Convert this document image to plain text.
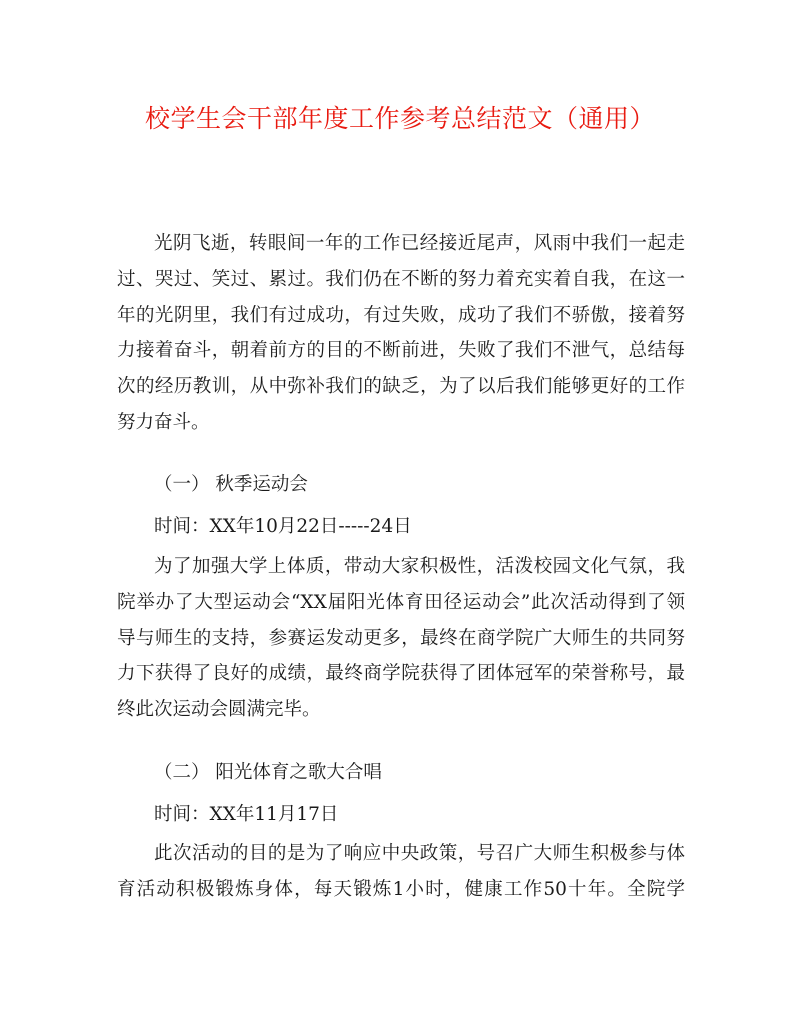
校学生会干部年度工作参考总结范文（通用）
光阴飞逝，转眼间一年的工作已经接近尾声，风雨中我们一起走
过、哭过、笑过、累过。我们仍在不断的努力着充实着自我，在这一
年的光阴里，我们有过成功，有过失败，成功了我们不骄傲，接着努
力接着奋斗，朝着前方的目的不断前进，失败了我们不泄气，总结每
次的经历教训，从中弥补我们的缺乏，为了以后我们能够更好的工作
努力奋斗。
（一） 秋季运动会
时间：XX年10月22日-----24日
为了加强大学上体质，带动大家积极性，活泼校园文化气氛，我
院举办了大型运动会“XX届阳光体育田径运动会”此次活动得到了领
导与师生的支持，参赛运发动更多，最终在商学院广大师生的共同努
力下获得了良好的成绩，最终商学院获得了团体冠军的荣誉称号，最
终此次运动会圆满完毕。
（二） 阳光体育之歌大合唱
时间：XX年11月17日
此次活动的目的是为了响应中央政策，号召广大师生积极参与体
育活动积极锻炼身体，每天锻炼1小时，健康工作50十年。全院学
